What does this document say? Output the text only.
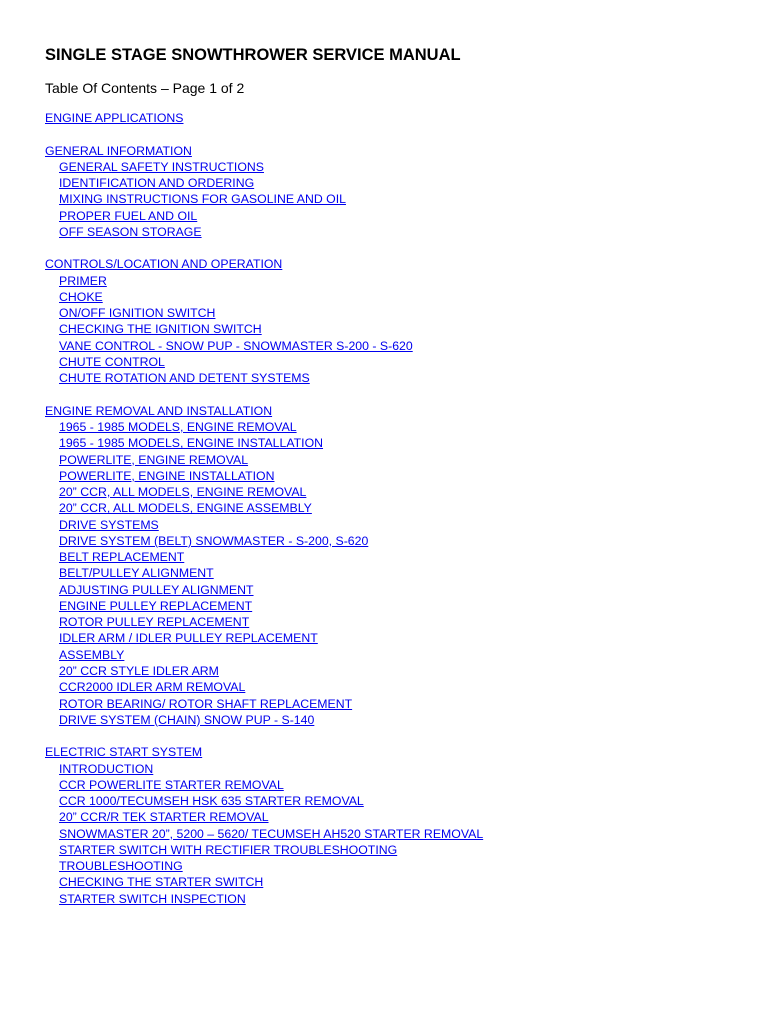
SINGLE STAGE SNOWTHROWER SERVICE MANUAL

Table Of Contents – Page 1 of 2

ENGINE APPLICATIONS
GENERAL INFORMATION
GENERAL SAFETY INSTRUCTIONS
IDENTIFICATION AND ORDERING
MIXING INSTRUCTIONS FOR GASOLINE AND OIL
PROPER FUEL AND OIL
OFF SEASON STORAGE
CONTROLS/LOCATION AND OPERATION
PRIMER
CHOKE
ON/OFF IGNITION SWITCH
CHECKING THE IGNITION SWITCH
VANE CONTROL - SNOW PUP - SNOWMASTER S-200 - S-620
CHUTE CONTROL
CHUTE ROTATION AND DETENT SYSTEMS
ENGINE REMOVAL AND INSTALLATION
1965 - 1985 MODELS, ENGINE REMOVAL
1965 - 1985 MODELS, ENGINE INSTALLATION
POWERLITE, ENGINE REMOVAL
POWERLITE, ENGINE INSTALLATION
20” CCR, ALL MODELS, ENGINE REMOVAL
20” CCR, ALL MODELS, ENGINE ASSEMBLY
DRIVE SYSTEMS
DRIVE SYSTEM (BELT) SNOWMASTER - S-200, S-620
BELT REPLACEMENT
BELT/PULLEY ALIGNMENT
ADJUSTING PULLEY ALIGNMENT
ENGINE PULLEY REPLACEMENT
ROTOR PULLEY REPLACEMENT
IDLER ARM / IDLER PULLEY REPLACEMENT
ASSEMBLY
20” CCR STYLE IDLER ARM
CCR2000 IDLER ARM REMOVAL
ROTOR BEARING/ ROTOR SHAFT REPLACEMENT
DRIVE SYSTEM (CHAIN) SNOW PUP - S-140
ELECTRIC START SYSTEM
INTRODUCTION
CCR POWERLITE STARTER REMOVAL
CCR 1000/TECUMSEH HSK 635 STARTER REMOVAL
20” CCR/R TEK STARTER REMOVAL
SNOWMASTER 20”, 5200 – 5620/ TECUMSEH AH520 STARTER REMOVAL
STARTER SWITCH WITH RECTIFIER TROUBLESHOOTING
TROUBLESHOOTING
CHECKING THE STARTER SWITCH
STARTER SWITCH INSPECTION
